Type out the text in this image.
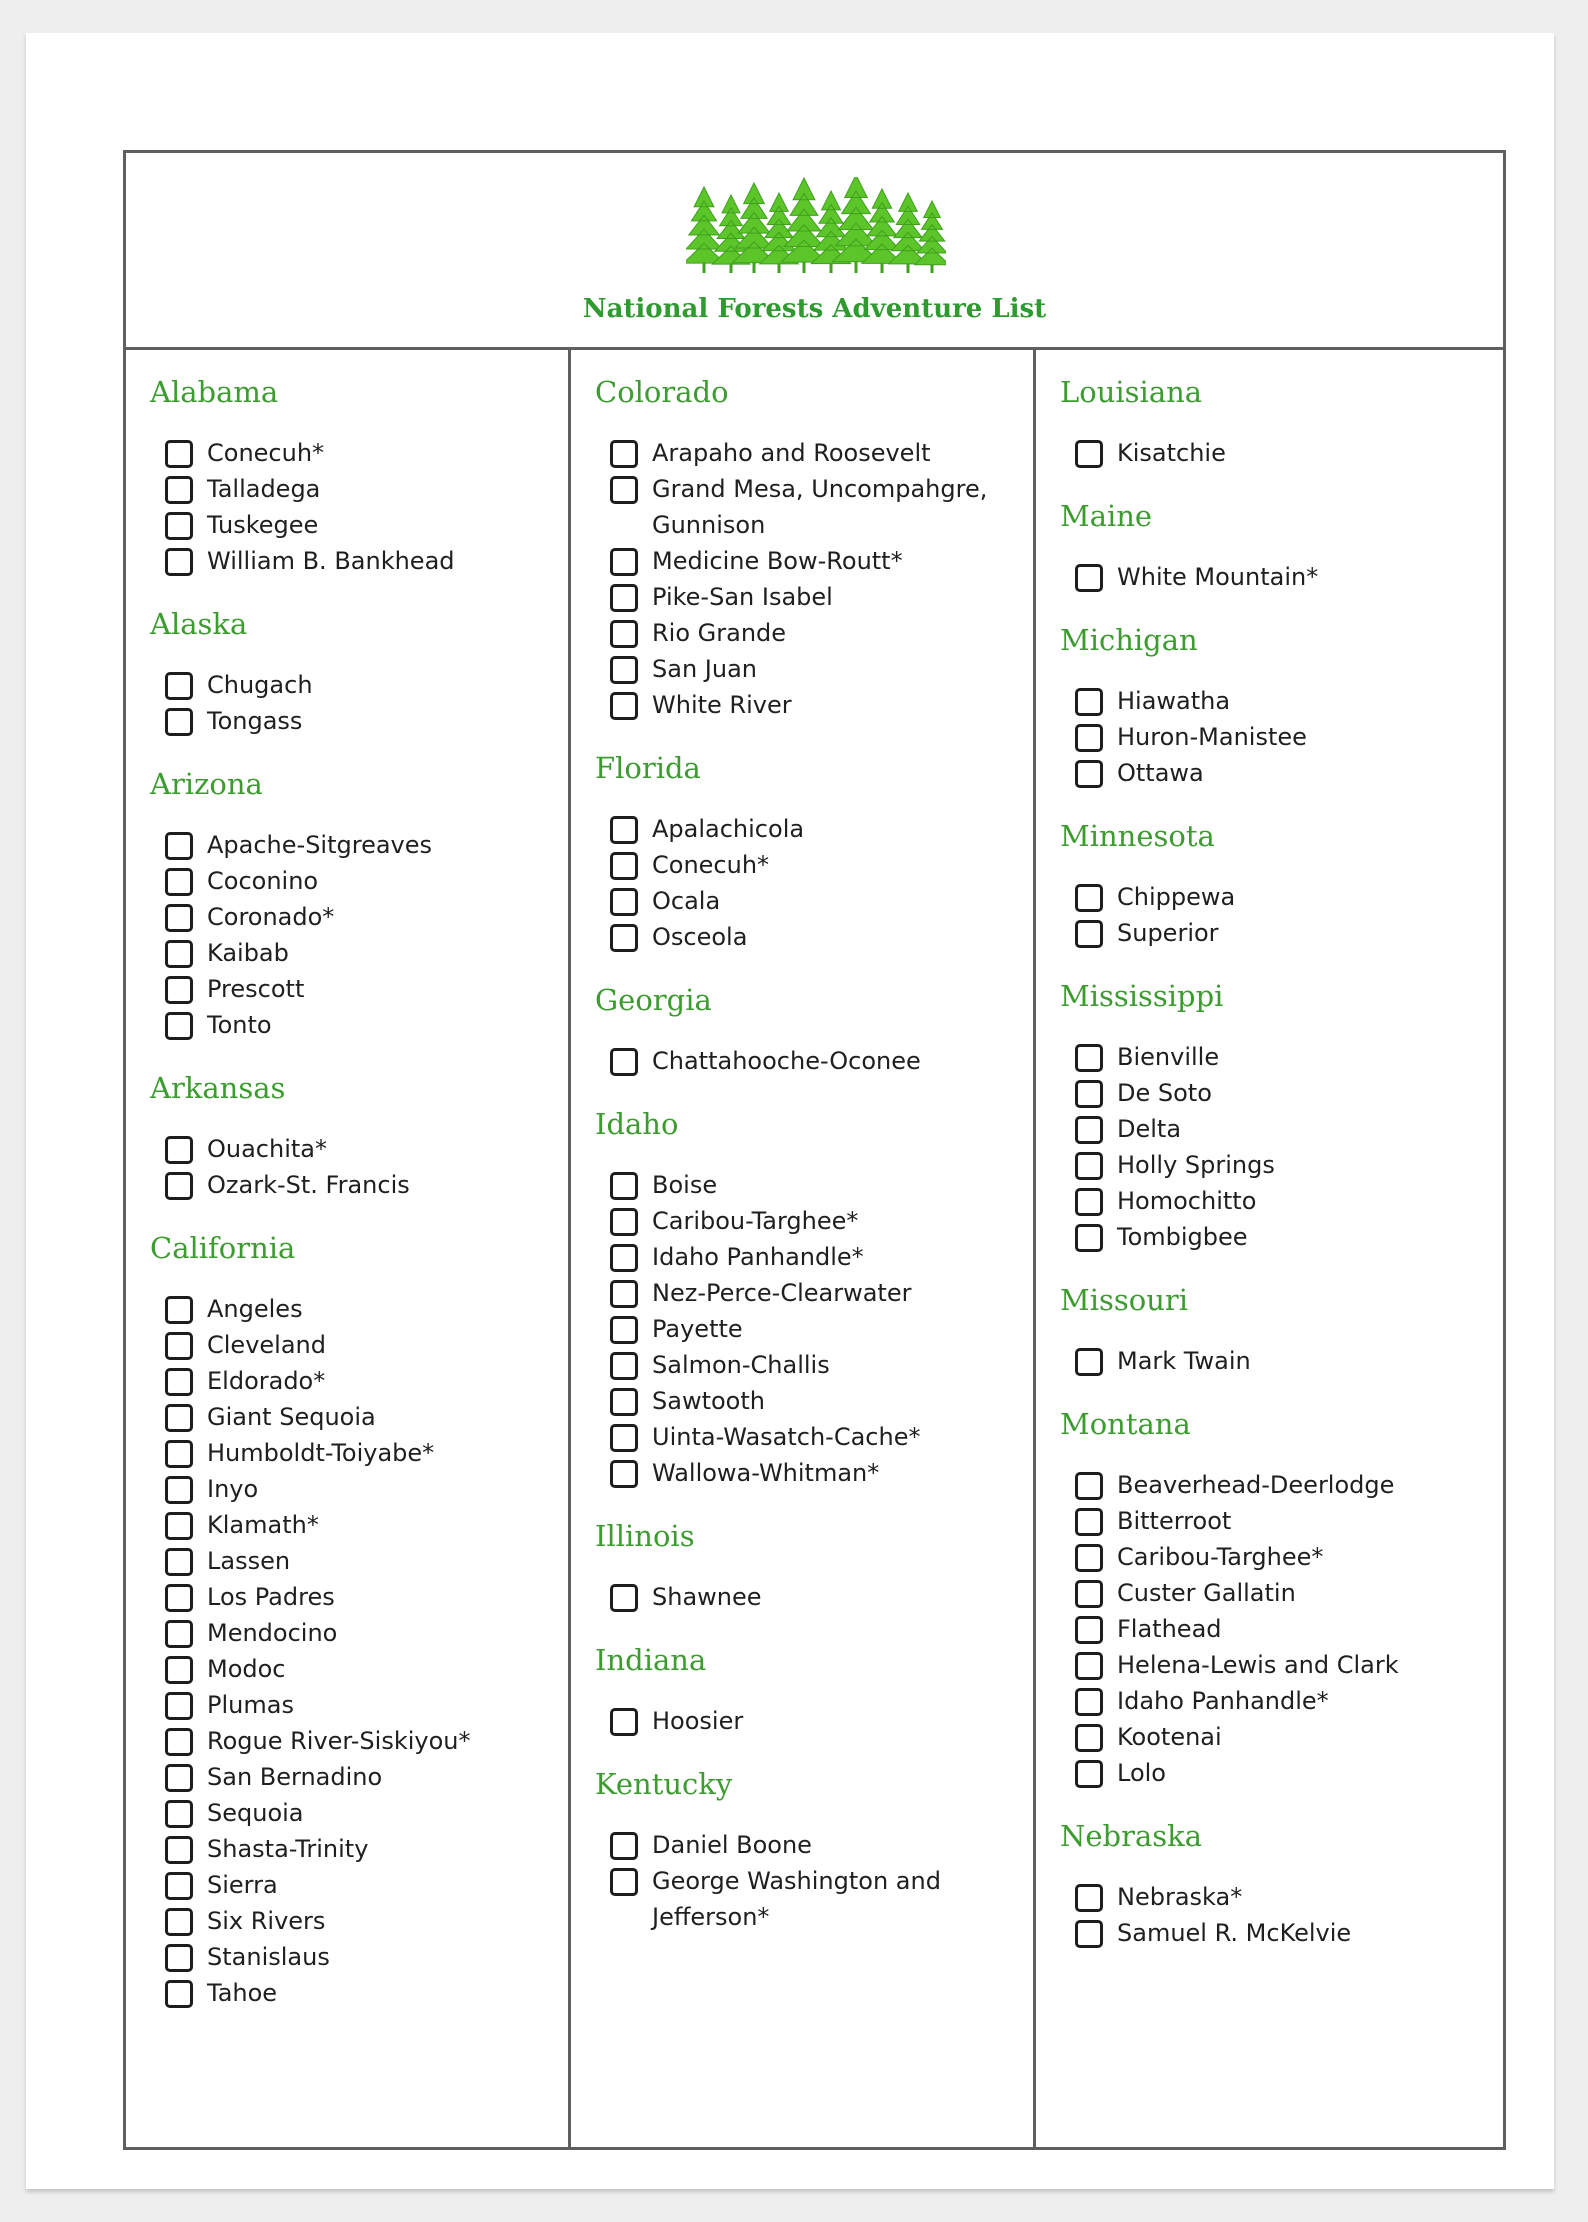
National Forests Adventure List
Alabama
Conecuh*
Talladega
Tuskegee
William B. Bankhead
Alaska
Chugach
Tongass
Arizona
Apache-Sitgreaves
Coconino
Coronado*
Kaibab
Prescott
Tonto
Arkansas
Ouachita*
Ozark-St. Francis
California
Angeles
Cleveland
Eldorado*
Giant Sequoia
Humboldt-Toiyabe*
Inyo
Klamath*
Lassen
Los Padres
Mendocino
Modoc
Plumas
Rogue River-Siskiyou*
San Bernadino
Sequoia
Shasta-Trinity
Sierra
Six Rivers
Stanislaus
Tahoe
Colorado
Arapaho and Roosevelt
Grand Mesa, Uncompahgre, Gunnison
Medicine Bow-Routt*
Pike-San Isabel
Rio Grande
San Juan
White River
Florida
Apalachicola
Conecuh*
Ocala
Osceola
Georgia
Chattahooche-Oconee
Idaho
Boise
Caribou-Targhee*
Idaho Panhandle*
Nez-Perce-Clearwater
Payette
Salmon-Challis
Sawtooth
Uinta-Wasatch-Cache*
Wallowa-Whitman*
Illinois
Shawnee
Indiana
Hoosier
Kentucky
Daniel Boone
George Washington and Jefferson*
Louisiana
Kisatchie
Maine
White Mountain*
Michigan
Hiawatha
Huron-Manistee
Ottawa
Minnesota
Chippewa
Superior
Mississippi
Bienville
De Soto
Delta
Holly Springs
Homochitto
Tombigbee
Missouri
Mark Twain
Montana
Beaverhead-Deerlodge
Bitterroot
Caribou-Targhee*
Custer Gallatin
Flathead
Helena-Lewis and Clark
Idaho Panhandle*
Kootenai
Lolo
Nebraska
Nebraska*
Samuel R. McKelvie
